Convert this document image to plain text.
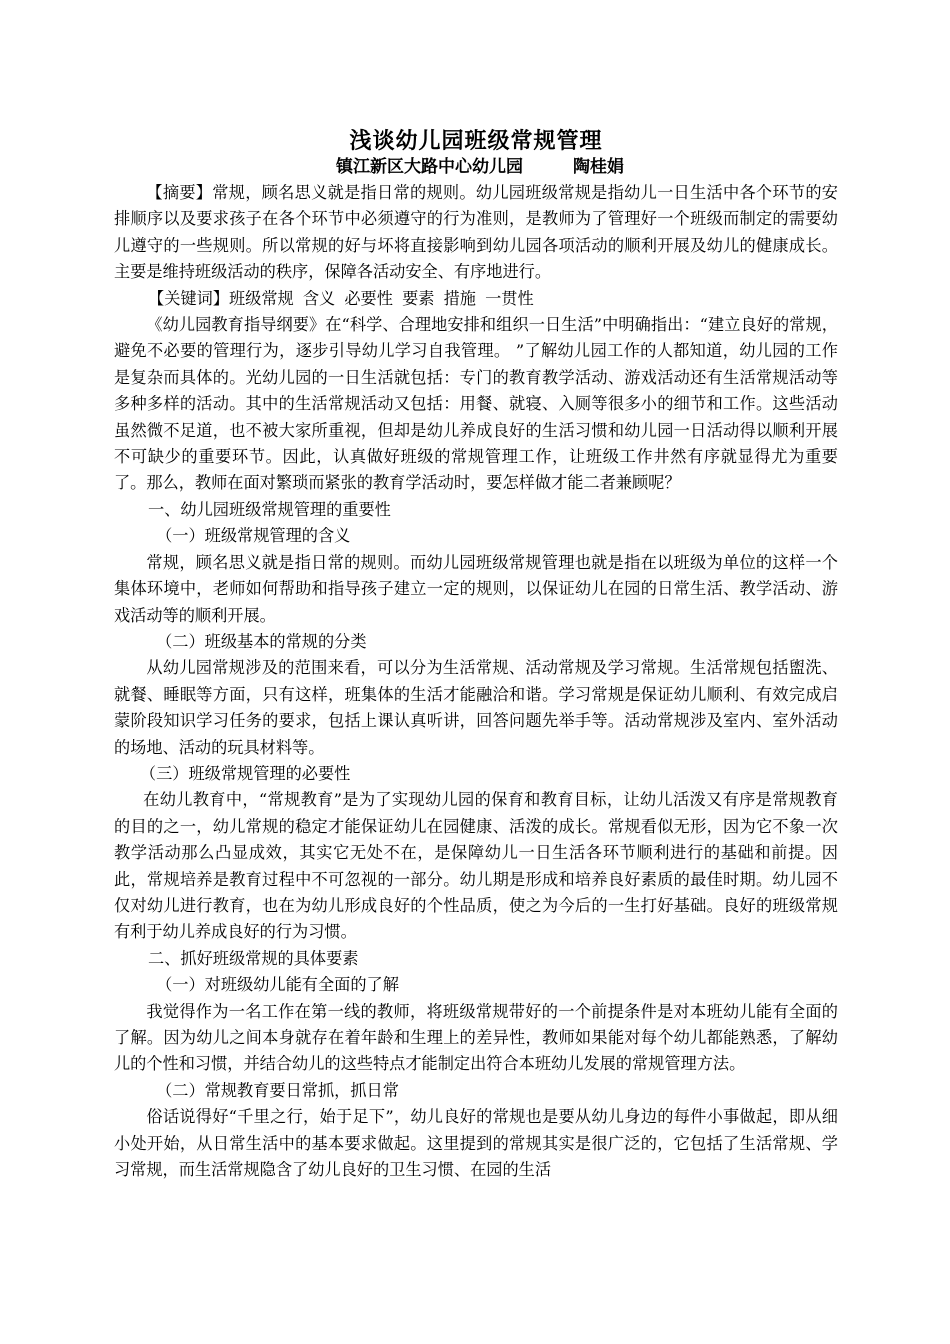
浅谈幼儿园班级常规管理

镇江新区大路中心幼儿园	陶桂娟

【摘要】常规，顾名思义就是指日常的规则。幼儿园班级常规是指幼儿一日生活中各个环节的安排顺序以及要求孩子在各个环节中必须遵守的行为准则，是教师为了管理好一个班级而制定的需要幼儿遵守的一些规则。所以常规的好与坏将直接影响到幼儿园各项活动的顺利开展及幼儿的健康成长。主要是维持班级活动的秩序，保障各活动安全、有序地进行。

【关键词】班级常规 含义 必要性 要素 措施 一贯性

《幼儿园教育指导纲要》在“科学、合理地安排和组织一日生活”中明确指出：“建立良好的常规，避免不必要的管理行为，逐步引导幼儿学习自我管理。 ”了解幼儿园工作的人都知道，幼儿园的工作是复杂而具体的。光幼儿园的一日生活就包括：专门的教育教学活动、游戏活动还有生活常规活动等多种多样的活动。其中的生活常规活动又包括：用餐、就寝、入厕等很多小的细节和工作。这些活动虽然微不足道，也不被大家所重视，但却是幼儿养成良好的生活习惯和幼儿园一日活动得以顺利开展不可缺少的重要环节。因此，认真做好班级的常规管理工作，让班级工作井然有序就显得尤为重要了。那么，教师在面对繁琐而紧张的教育学活动时，要怎样做才能二者兼顾呢？

一、幼儿园班级常规管理的重要性

（一）班级常规管理的含义

常规，顾名思义就是指日常的规则。而幼儿园班级常规管理也就是指在以班级为单位的这样一个集体环境中，老师如何帮助和指导孩子建立一定的规则，以保证幼儿在园的日常生活、教学活动、游戏活动等的顺利开展。

（二）班级基本的常规的分类

从幼儿园常规涉及的范围来看，可以分为生活常规、活动常规及学习常规。生活常规包括盥洗、就餐、睡眠等方面，只有这样，班集体的生活才能融洽和谐。学习常规是保证幼儿顺利、有效完成启蒙阶段知识学习任务的要求，包括上课认真听讲，回答问题先举手等。活动常规涉及室内、室外活动的场地、活动的玩具材料等。

（三）班级常规管理的必要性

在幼儿教育中，“常规教育”是为了实现幼儿园的保育和教育目标，让幼儿活泼又有序是常规教育的目的之一，幼儿常规的稳定才能保证幼儿在园健康、活泼的成长。常规看似无形，因为它不象一次教学活动那么凸显成效，其实它无处不在，是保障幼儿一日生活各环节顺利进行的基础和前提。因此，常规培养是教育过程中不可忽视的一部分。幼儿期是形成和培养良好素质的最佳时期。幼儿园不仅对幼儿进行教育，也在为幼儿形成良好的个性品质，使之为今后的一生打好基础。良好的班级常规有利于幼儿养成良好的行为习惯。

二、抓好班级常规的具体要素

（一）对班级幼儿能有全面的了解

我觉得作为一名工作在第一线的教师，将班级常规带好的一个前提条件是对本班幼儿能有全面的了解。因为幼儿之间本身就存在着年龄和生理上的差异性，教师如果能对每个幼儿都能熟悉，了解幼儿的个性和习惯，并结合幼儿的这些特点才能制定出符合本班幼儿发展的常规管理方法。

（二）常规教育要日常抓，抓日常

俗话说得好“千里之行，始于足下”，幼儿良好的常规也是要从幼儿身边的每件小事做起，即从细小处开始，从日常生活中的基本要求做起。这里提到的常规其实是很广泛的，它包括了生活常规、学习常规，而生活常规隐含了幼儿良好的卫生习惯、在园的生活
